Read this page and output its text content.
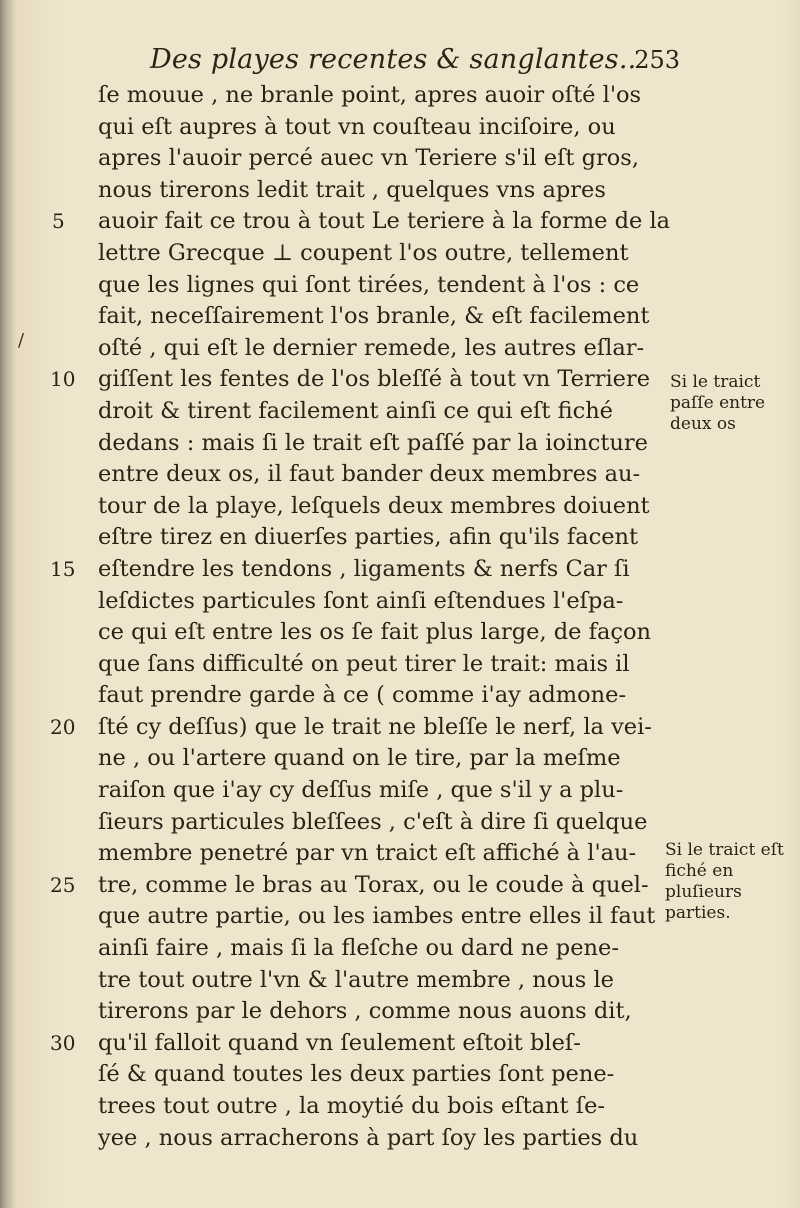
Des playes recentes & sanglantes..
253
ſe mouue , ne branle point, apres auoir oſté l'os
qui eſt aupres à tout vn couſteau inciſoire, ou
apres l'auoir percé auec vn Teriere s'il eſt gros,
nous tirerons ledit trait , quelques vns apres
auoir fait ce trou à tout Le teriere à la forme de la
lettre Grecque ⊥ coupent l'os outre, tellement
que les lignes qui ſont tirées, tendent à l'os : ce
fait, neceſſairement l'os branle, & eſt facilement
oſté , qui eſt le dernier remede, les autres eſlar-
giſſent les fentes de l'os bleſſé à tout vn Terriere
droit & tirent facilement ainſi ce qui eſt fiché
dedans : mais ſi le trait eſt paſſé par la ioincture
entre deux os, il faut bander deux membres au-
tour de la playe, leſquels deux membres doiuent
eſtre tirez en diuerſes parties, afin qu'ils facent
eſtendre les tendons , ligaments & nerfs Car ſi
leſdictes particules ſont ainſi eſtendues l'eſpa-
ce qui eſt entre les os ſe fait plus large, de façon
que ſans difficulté on peut tirer le trait: mais il
faut prendre garde à ce ( comme i'ay admone-
ſté cy deſſus) que le trait ne bleſſe le nerf, la vei-
ne , ou l'artere quand on le tire, par la meſme
raiſon que i'ay cy deſſus miſe , que s'il y a plu-
ſieurs particules bleſſees , c'eſt à dire ſi quelque
membre penetré par vn traict eſt affiché à l'au-
tre, comme le bras au Torax, ou le coude à quel-
que autre partie, ou les iambes entre elles il faut
ainſi faire , mais ſi la fleſche ou dard ne pene-
tre tout outre l'vn & l'autre membre , nous le
tirerons par le dehors , comme nous auons dit,
qu'il falloit quand vn ſeulement eſtoit bleſ-
ſé & quand toutes les deux parties ſont pene-
trees tout outre , la moytié du bois eſtant ſe-
yee , nous arracherons à part ſoy les parties du
5
10
15
20
25
30
Si le traict paſſe entre deux os
Si le traict eſt fiché en pluſieurs parties.
/
